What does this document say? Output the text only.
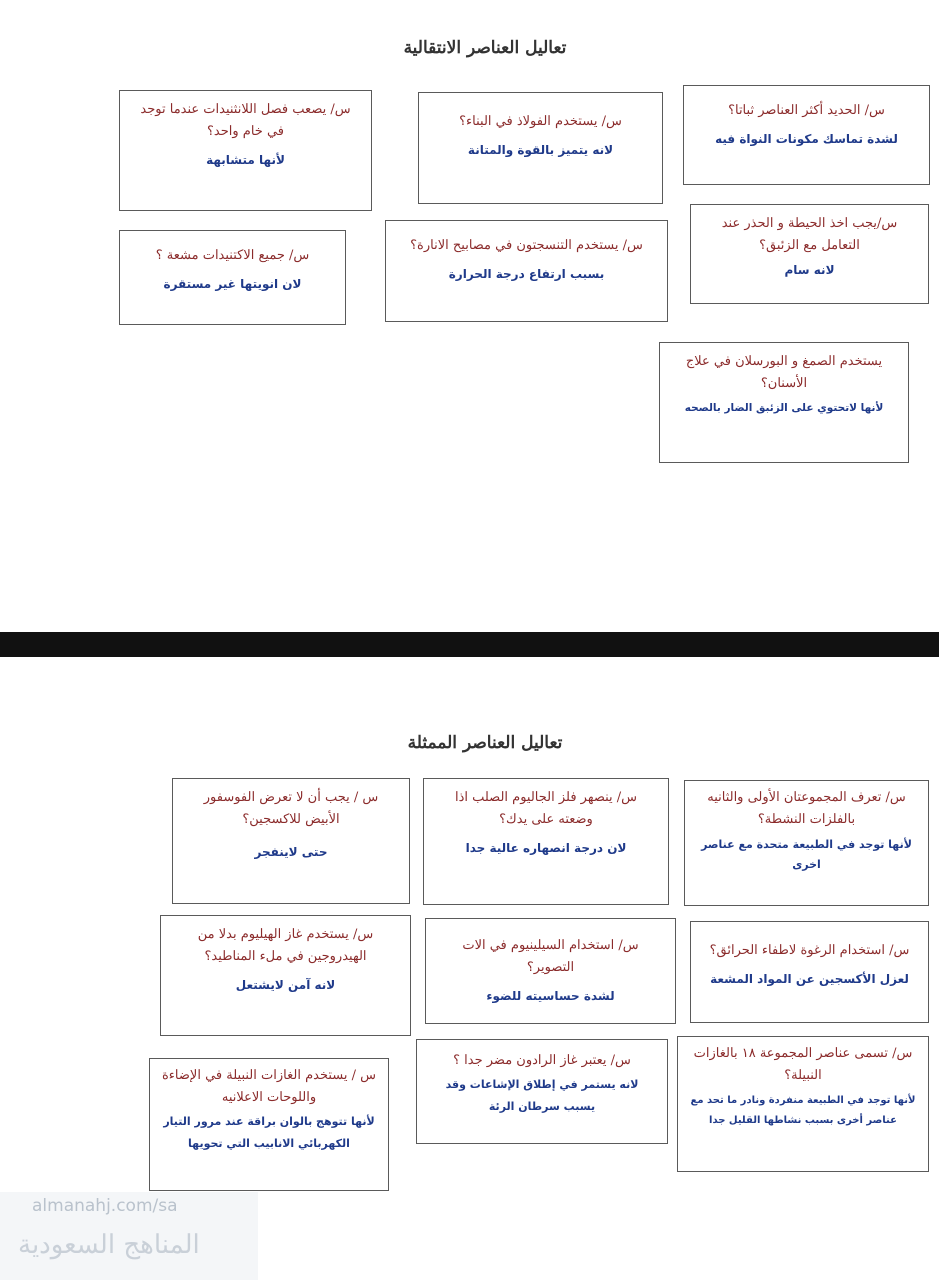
تعاليل العناصر الانتقالية
س/ الحديد أكثر العناصر ثباتا؟
لشدة تماسك مكونات النواة فيه
س/ يستخدم الفولاذ في البناء؟
لانه يتميز بالقوة والمتانة
س/ يصعب فصل اللانثنيدات عندما توجد في خام واحد؟
لأنها متشابهة
س/يجب اخذ الحيطة و الحذر عند التعامل مع الزئبق؟
لانه سام
س/ يستخدم التنسجتون في مصابيح الانارة؟
بسبب ارتفاع درجة الحرارة
س/ جميع الاكتنيدات مشعة ؟
لان انويتها غير مستقرة
يستخدم الصمغ و البورسلان في علاج الأسنان؟
لأنها لاتحتوي على الزئبق الضار بالصحه
تعاليل العناصر الممثلة
س/ تعرف المجموعتان الأولى والثانيه بالفلزات النشطة؟
لأنها توجد في الطبيعة متحدة مع عناصر اخرى
س/ ينصهر فلز الجاليوم الصلب اذا وضعته على يدك؟
لان درجة انصهاره عالية جدا
س / يجب أن لا تعرض الفوسفور الأبيض للاكسجين؟
حتى لاينفجر
س/ استخدام الرغوة لاطفاء الحرائق؟
لعزل الأكسجين عن المواد المشعة
س/ استخدام السيلينيوم في الات التصوير؟
لشدة حساسيته للضوء
س/ يستخدم غاز الهيليوم بدلا من الهيدروجين في ملء المناطيد؟
لانه آمن لايشتعل
س/ تسمى عناصر المجموعة ١٨ بالغازات النبيلة؟
لأنها توجد في الطبيعة منفردة ونادر ما تحد مع عناصر أخرى بسبب نشاطها القليل جدا
س/ يعتبر غاز الرادون مضر جدا ؟
لانه يستمر في إطلاق الإشاعات وقد يسبب سرطان الرئة
س / يستخدم الغازات النبيلة في الإضاءة واللوحات الاعلانيه
لأنها تتوهج بالوان براقة عند مرور التيار الكهربائي الانابيب التي تحويها
almanahj.com/sa
المناهج السعودية
